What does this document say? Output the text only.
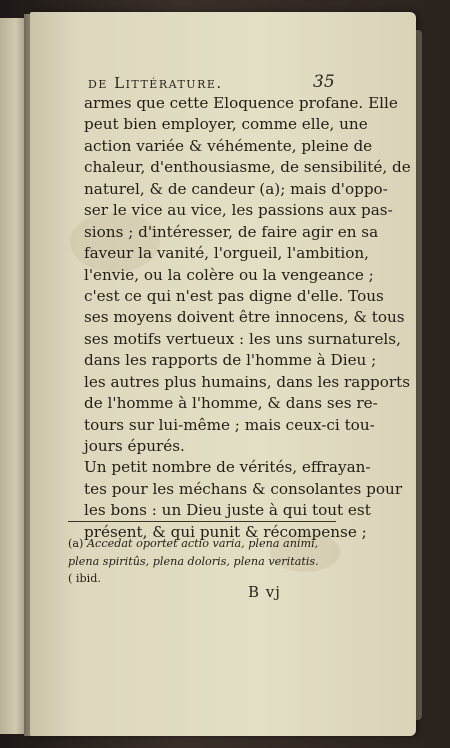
de Littérature.	35
armes que cette Eloquence profane. Elle
peut bien employer, comme elle, une
action variée & véhémente, pleine de
chaleur, d'enthousiasme, de sensibilité, de
naturel, & de candeur (a); mais d'oppo-
ser le vice au vice, les passions aux pas-
sions ; d'intéresser, de faire agir en sa
faveur la vanité, l'orgueil, l'ambition,
l'envie, ou la colère ou la vengeance ;
c'est ce qui n'est pas digne d'elle. Tous
ses moyens doivent être innocens, & tous
ses motifs vertueux : les uns surnaturels,
dans les rapports de l'homme à Dieu ;
les autres plus humains, dans les rapports
de l'homme à l'homme, & dans ses re-
tours sur lui-même ; mais ceux-ci tou-
jours épurés.
Un petit nombre de vérités, effrayan-
tes pour les méchans & consolantes pour
les bons : un Dieu juste à qui tout est
présent, & qui punit & récompense ;
(a) Accedat oportet actio varia, plena animi,
plena spiritûs, plena doloris, plena veritatis.
( ibid.
B vj
